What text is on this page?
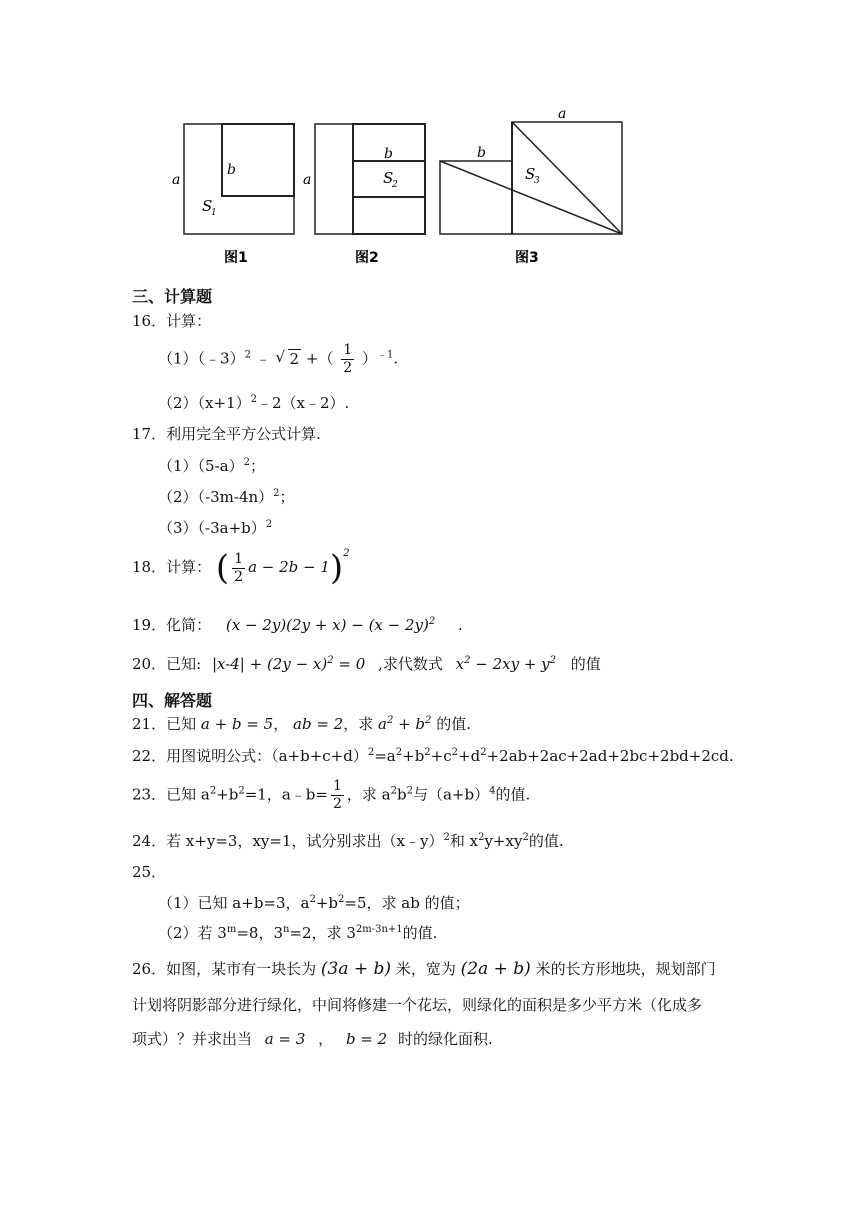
a
b
S
1
图1
a
b
S
2
图2
a
b
S
3
图3
三、计算题
16．计算：
（1）（﹣3）$^2$ ﹣ √ 2 +（ $\frac{1}{2} )^{﹣1}$.
$(2)(x+1)^2﹣2(x﹣2)$.
17．利用完全平方公式计算.
$(1)(5-a)^2$；
$(2)(-3m-4n)^2$；
$(3)(-3a+b)^2$
18．计算： ( $\frac{1}{2}$ a − 2b − 1)$^2$
19．化简： $(x - 2y)(2y + x) - (x - 2y)^2$ .
20．已知: $|x-4| + (2y - x)^2 = 0$ ,求代数式 $x^2 - 2xy + y^2$ 的值
四、解答题
21．已知 a + b = 5， ab = 2，求 $a^2 + b^2$ 的值.
22．用图说明公式：$(a+b+c+d)^2=a^2+b^2+c^2+d^2+2ab+2ac+2ad+2bc+2bd+2cd$.
23．已知 $a^2+b^2=1$，a﹣b= $\frac{1}{2}$ ，求 $a^2b^2$与$(a+b)^4$的值.
24．若 x+y=3，xy=1，试分别求出（x﹣y）$^2$和 $x^2y+xy^2$的值.
25．
（1）已知 a+b=3，$a^2+b^2=5$，求 ab 的值；
（2）若 $3^m=8$，$3^n=2$，求 $3^{2m-3n+1}$的值.
26．如图，某市有一块长为 (3a + b) 米，宽为 (2a + b) 米的长方形地块，规划部门
计划将阴影部分进行绿化，中间将修建一个花坛，则绿化的面积是多少平方米（化成多
项式）？并求出当 a = 3 ， b = 2 时的绿化面积.
